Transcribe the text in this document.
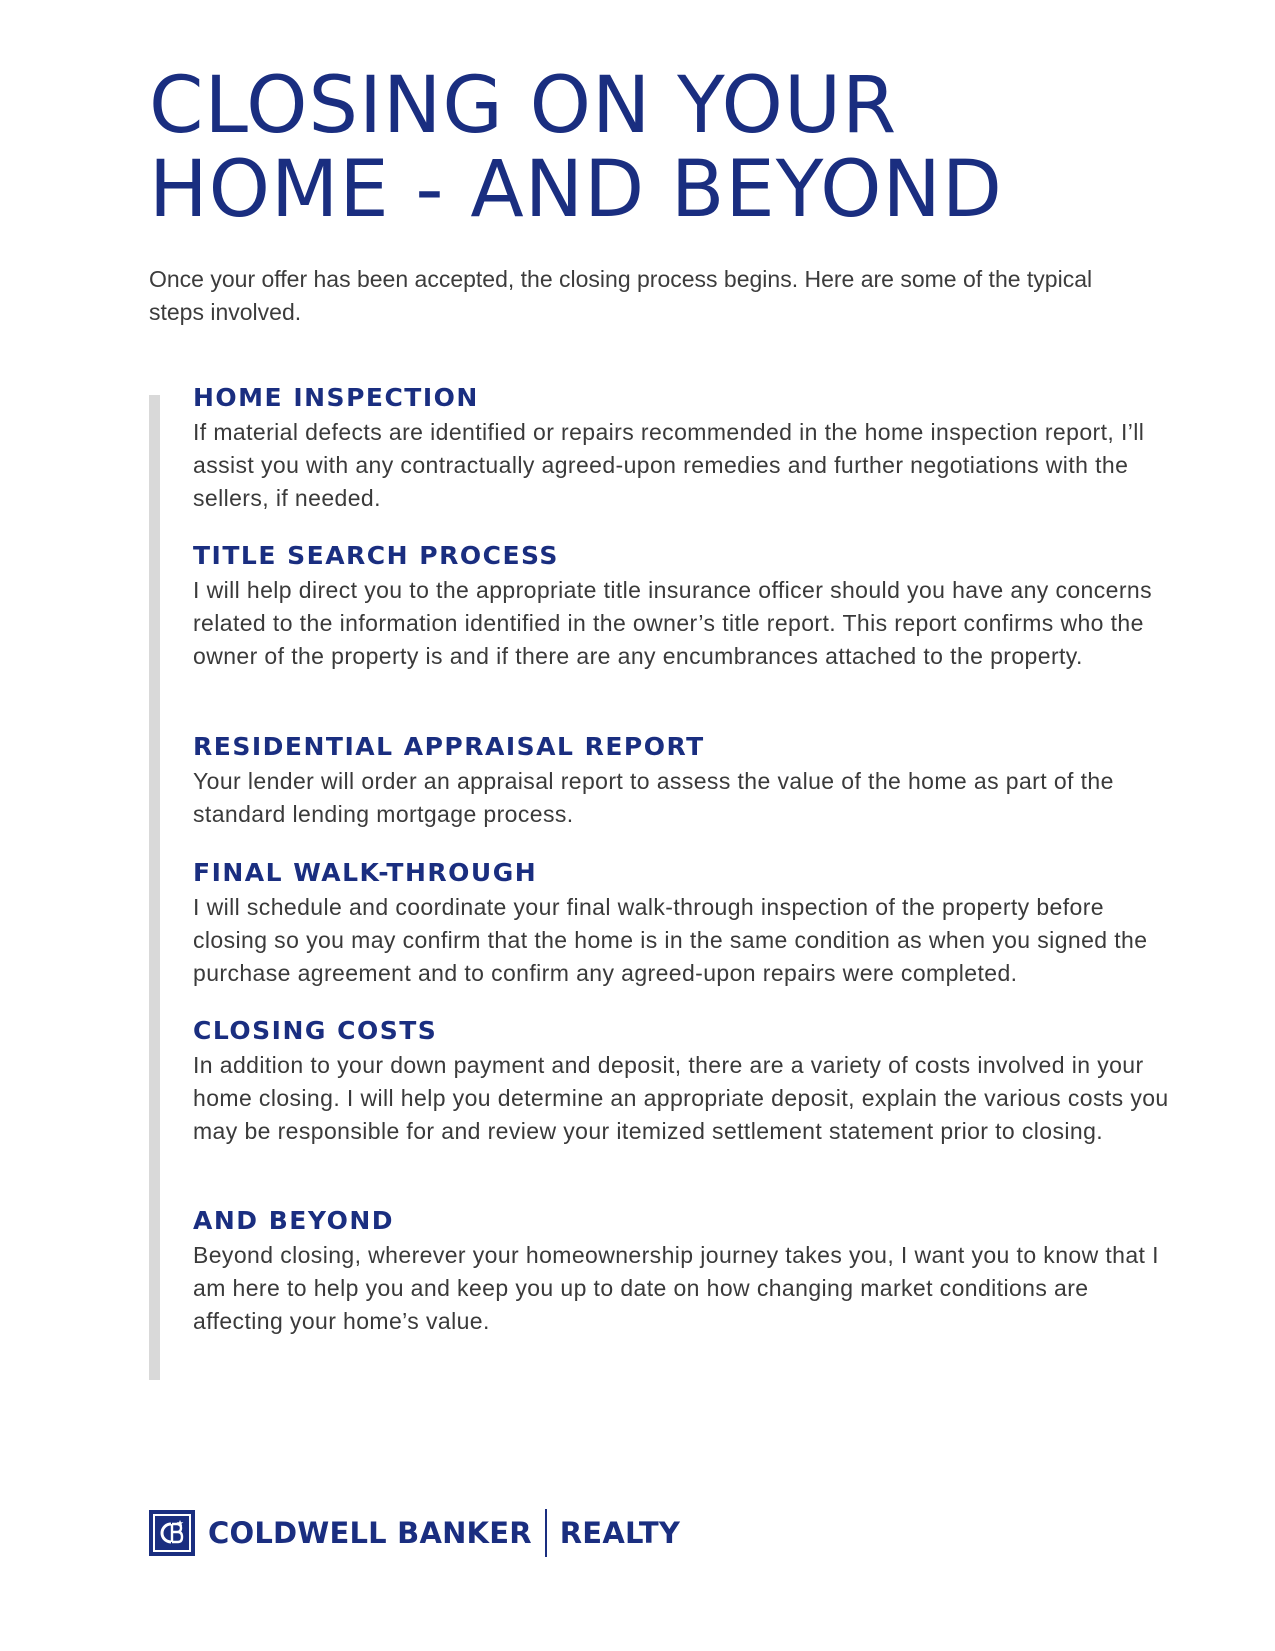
CLOSING ON YOUR
HOME - AND BEYOND

Once your offer has been accepted, the closing process begins. Here are some of the typical steps involved.

HOME INSPECTION

If material defects are identified or repairs recommended in the home inspection report, I’ll assist you with any contractually agreed-upon remedies and further negotiations with the sellers, if needed.

TITLE SEARCH PROCESS

I will help direct you to the appropriate title insurance officer should you have any concerns related to the information identified in the owner’s title report. This report confirms who the owner of the property is and if there are any encumbrances attached to the property.

RESIDENTIAL APPRAISAL REPORT

Your lender will order an appraisal report to assess the value of the home as part of the standard lending mortgage process.

FINAL WALK-THROUGH

I will schedule and coordinate your final walk-through inspection of the property before closing so you may confirm that the home is in the same condition as when you signed the purchase agreement and to confirm any agreed-upon repairs were completed.

CLOSING COSTS

In addition to your down payment and deposit, there are a variety of costs involved in your home closing. I will help you determine an appropriate deposit, explain the various costs you may be responsible for and review your itemized settlement statement prior to closing.

AND BEYOND

Beyond closing, wherever your homeownership journey takes you, I want you to know that I am here to help you and keep you up to date on how changing market conditions are affecting your home’s value.

COLDWELL BANKER REALTY
